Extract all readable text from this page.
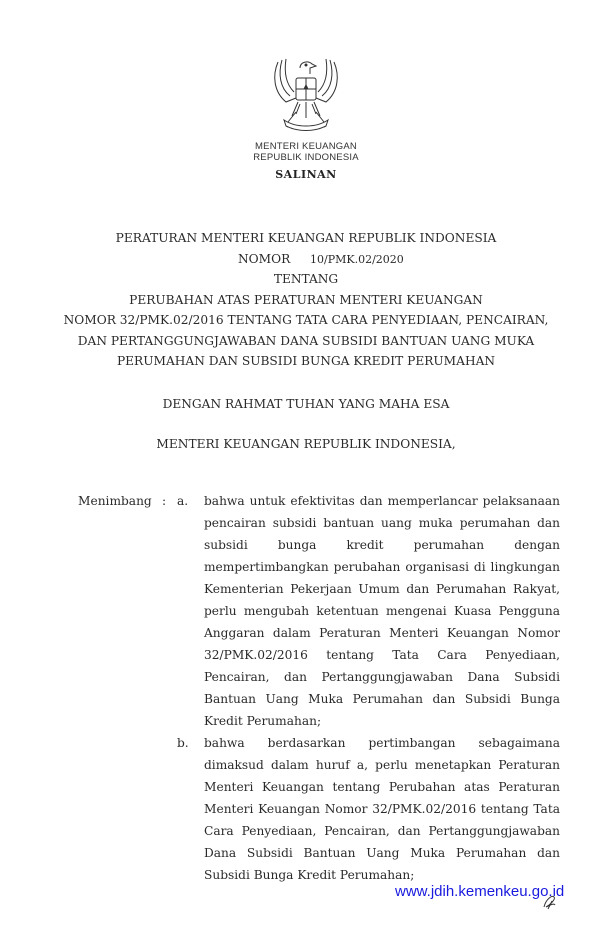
MENTERI KEUANGAN
REPUBLIK INDONESIA
SALINAN
PERATURAN MENTERI KEUANGAN REPUBLIK INDONESIA
NOMOR 10/PMK.02/2020
TENTANG
PERUBAHAN ATAS PERATURAN MENTERI KEUANGAN
NOMOR 32/PMK.02/2016 TENTANG TATA CARA PENYEDIAAN, PENCAIRAN,
DAN PERTANGGUNGJAWABAN DANA SUBSIDI BANTUAN UANG MUKA
PERUMAHAN DAN SUBSIDI BUNGA KREDIT PERUMAHAN
DENGAN RAHMAT TUHAN YANG MAHA ESA
MENTERI KEUANGAN REPUBLIK INDONESIA,
Menimbang : a. bahwa untuk efektivitas dan memperlancar pelaksanaan
pencairan subsidi bantuan uang muka perumahan dan
subsidi bunga kredit perumahan dengan
mempertimbangkan perubahan organisasi di lingkungan
Kementerian Pekerjaan Umum dan Perumahan Rakyat,
perlu mengubah ketentuan mengenai Kuasa Pengguna
Anggaran dalam Peraturan Menteri Keuangan Nomor
32/PMK.02/2016 tentang Tata Cara Penyediaan,
Pencairan, dan Pertanggungjawaban Dana Subsidi
Bantuan Uang Muka Perumahan dan Subsidi Bunga
Kredit Perumahan;
b. bahwa berdasarkan pertimbangan sebagaimana
dimaksud dalam huruf a, perlu menetapkan Peraturan
Menteri Keuangan tentang Perubahan atas Peraturan
Menteri Keuangan Nomor 32/PMK.02/2016 tentang Tata
Cara Penyediaan, Pencairan, dan Pertanggungjawaban
Dana Subsidi Bantuan Uang Muka Perumahan dan
Subsidi Bunga Kredit Perumahan;
www.jdih.kemenkeu.go.id
